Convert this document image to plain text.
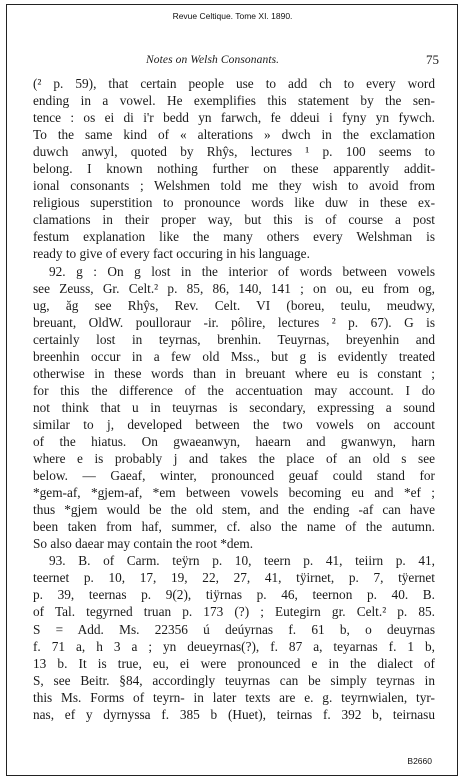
Revue Celtique. Tome XI. 1890.
Notes on Welsh Consonants.	75
(² p. 59), that certain people use to add ch to every word
ending in a vowel. He exemplifies this statement by the sen-
tence : os ei di i'r bedd yn farwch, fe ddeui i fyny yn fywch.
To the same kind of « alterations » dwch in the exclamation
duwch anwyl, quoted by Rhŷs, lectures ¹ p. 100 seems to
belong. I known nothing further on these apparently addit-
ional consonants ; Welshmen told me they wish to avoid from
religious superstition to pronounce words like duw in these ex-
clamations in their proper way, but this is of course a post
festum explanation like the many others every Welshman is
ready to give of every fact occuring in his language.
92. g : On g lost in the interior of words between vowels
see Zeuss, Gr. Celt.² p. 85, 86, 140, 141 ; on ou, eu from og,
ug, ăg see Rhŷs, Rev. Celt. VI (boreu, teulu, meudwy,
breuant, OldW. poulloraur -ir. pôlire, lectures ² p. 67). G is
certainly lost in teyrnas, brenhin. Teuyrnas, breyenhin and
breenhin occur in a few old Mss., but g is evidently treated
otherwise in these words than in breuant where eu is constant ;
for this the difference of the accentuation may account. I do
not think that u in teuyrnas is secondary, expressing a sound
similar to j, developed between the two vowels on account
of the hiatus. On gwaeanwyn, haearn and gwanwyn, harn
where e is probably j and takes the place of an old s see
below. — Gaeaf, winter, pronounced geuaf could stand for
*gem-af, *gjem-af, *em between vowels becoming eu and *ef ;
thus *gjem would be the old stem, and the ending -af can have
been taken from haf, summer, cf. also the name of the autumn.
So also daear may contain the root *dem.
93. B. of Carm. teÿrn p. 10, teern p. 41, teiirn p. 41,
teernet p. 10, 17, 19, 22, 27, 41, tÿirnet, p. 7, tÿernet
p. 39, teernas p. 9(2), tiÿrnas p. 46, teernon p. 40. B.
of Tal. tegyrned truan p. 173 (?) ; Eutegirn gr. Celt.² p. 85.
S = Add. Ms. 22356 ú deúyrnas f. 61 b, o deuyrnas
f. 71 a, h 3 a ; yn deueyrnas(?), f. 87 a, teyarnas f. 1 b,
13 b. It is true, eu, ei were pronounced e in the dialect of
S, see Beitr. §84, accordingly teuyrnas can be simply teyrnas in
this Ms. Forms of teyrn- in later texts are e. g. teyrnwialen, tyr-
nas, ef y dyrnyssa f. 385 b (Huet), teirnas f. 392 b, teirnasu
B2660
